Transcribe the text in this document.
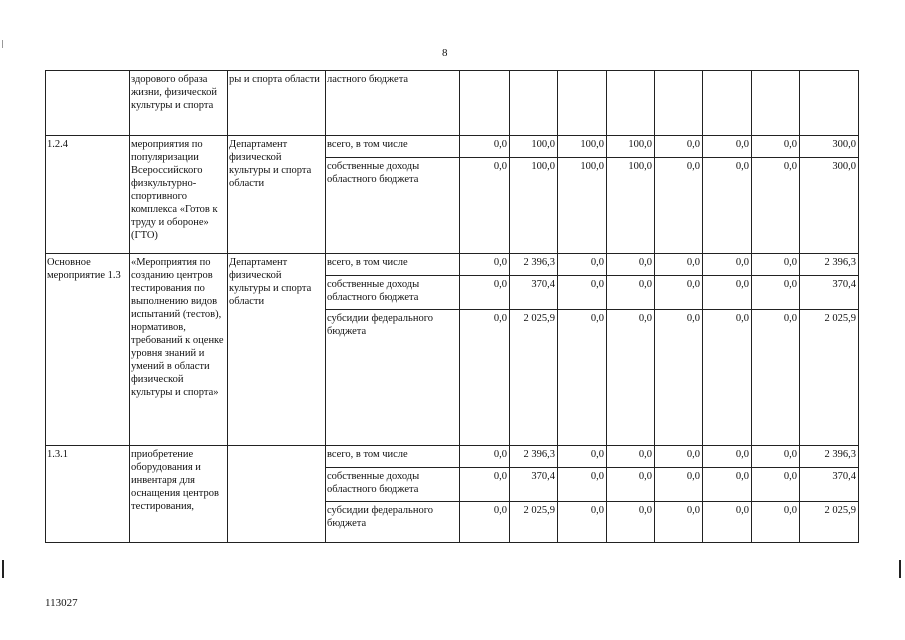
8
	здорового образа жизни, физической культуры и спорта	ры и спорта области	ластного бюджета								
1.2.4	мероприятия по популяризации Всероссийского физкультурно-спортивного комплекса «Готов к труду и обороне» (ГТО)	Департамент физической культуры и спорта области	всего, в том числе	0,0	100,0	100,0	100,0	0,0	0,0	0,0	300,0
			собственные доходы областного бюджета	0,0	100,0	100,0	100,0	0,0	0,0	0,0	300,0
Основное мероприятие 1.3	«Мероприятия по созданию центров тестирования по выполнению видов испытаний (тестов), нормативов, требований к оценке уровня знаний и умений в области физической культуры и спорта»	Департамент физической культуры и спорта области	всего, в том числе	0,0	2 396,3	0,0	0,0	0,0	0,0	0,0	2 396,3
			собственные доходы областного бюджета	0,0	370,4	0,0	0,0	0,0	0,0	0,0	370,4
			субсидии федерального бюджета	0,0	2 025,9	0,0	0,0	0,0	0,0	0,0	2 025,9
1.3.1	приобретение оборудования и инвентаря для оснащения центров тестирования,		всего, в том числе	0,0	2 396,3	0,0	0,0	0,0	0,0	0,0	2 396,3
			собственные доходы областного бюджета	0,0	370,4	0,0	0,0	0,0	0,0	0,0	370,4
			субсидии федерального бюджета	0,0	2 025,9	0,0	0,0	0,0	0,0	0,0	2 025,9
113027
